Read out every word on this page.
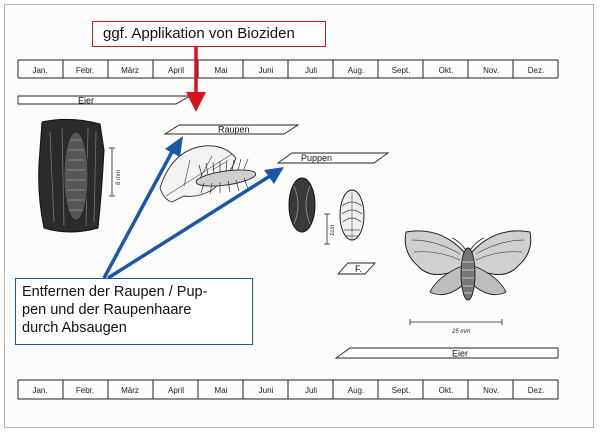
Jan.	Febr.	März	April	Mai	Juni	Juli	Aug.	Sept.	Okt.	Nov.	Dez.
Jan.	Febr.	März	April	Mai	Juni	Juli	Aug.	Sept.	Okt.	Nov.	Dez.
Eier
Raupen
Puppen
F.
Eier
6 mm
1cm
25 mm
ggf. Applikation von Bioziden
Entfernen der Raupen / Pup-
pen und der Raupenhaare
durch Absaugen
